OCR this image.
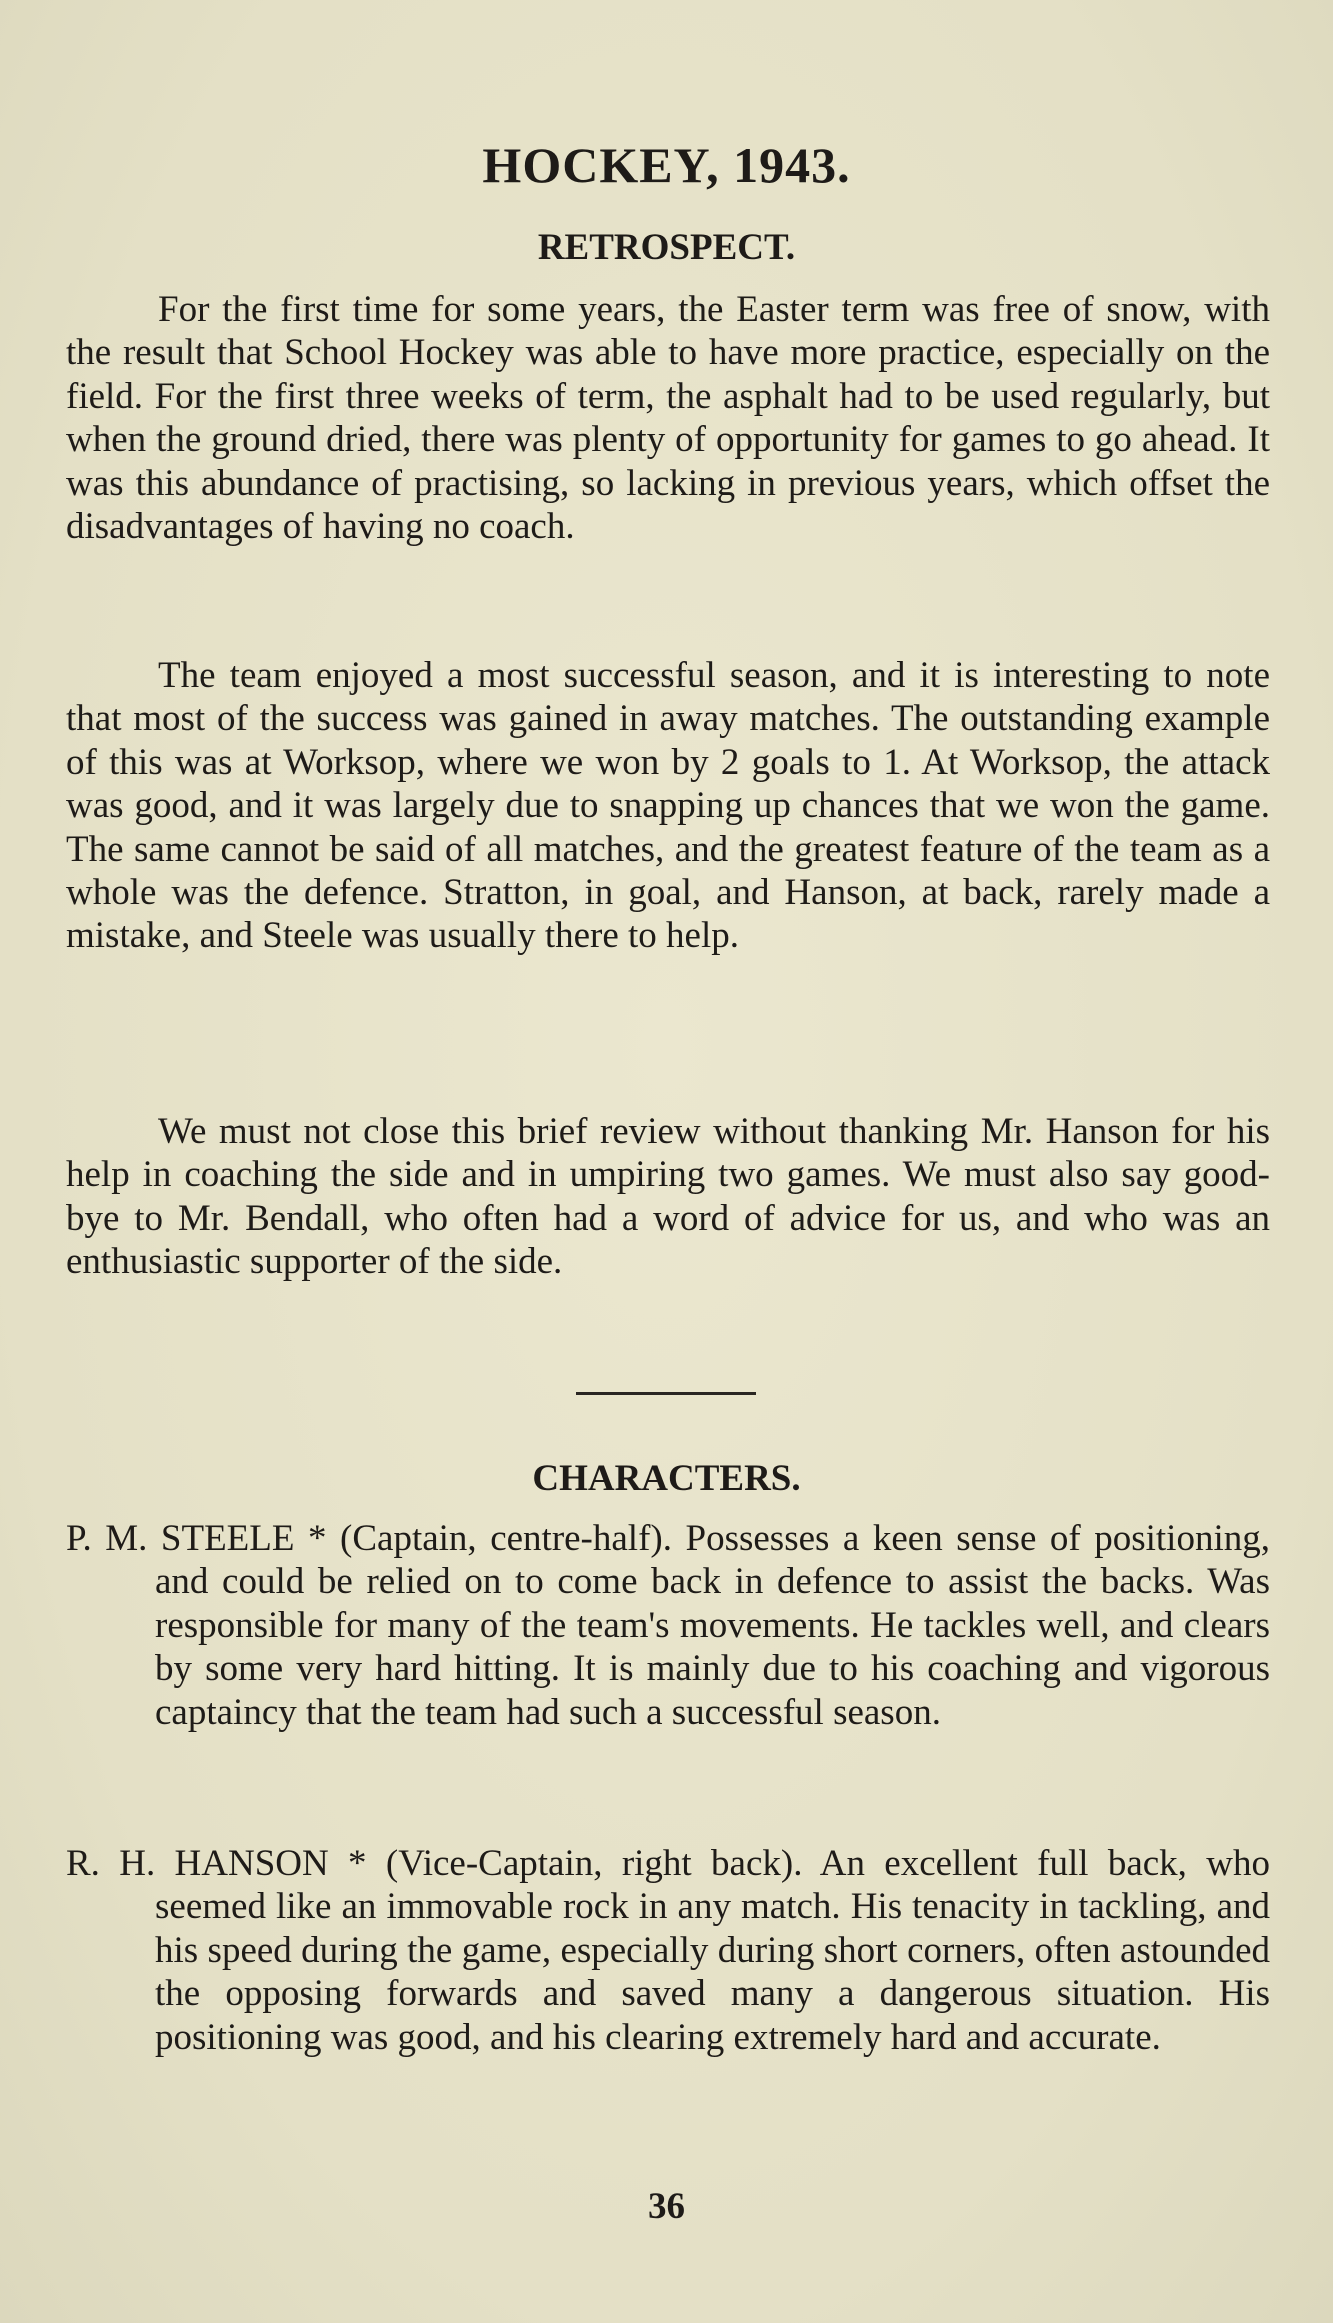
HOCKEY, 1943.
RETROSPECT.

For the first time for some years, the Easter term was free of snow, with the result that School Hockey was able to have more practice, especially on the field. For the first three weeks of term, the asphalt had to be used regularly, but when the ground dried, there was plenty of opportunity for games to go ahead. It was this abundance of practising, so lacking in previous years, which offset the disadvantages of having no coach.

The team enjoyed a most successful season, and it is interesting to note that most of the success was gained in away matches. The outstanding example of this was at Worksop, where we won by 2 goals to 1. At Worksop, the attack was good, and it was largely due to snapping up chances that we won the game. The same cannot be said of all matches, and the greatest feature of the team as a whole was the defence. Stratton, in goal, and Hanson, at back, rarely made a mistake, and Steele was usually there to help.

We must not close this brief review without thanking Mr. Hanson for his help in coaching the side and in umpiring two games. We must also say good-bye to Mr. Bendall, who often had a word of advice for us, and who was an enthusiastic supporter of the side.

CHARACTERS.

P. M. STEELE * (Captain, centre-half). Possesses a keen sense of positioning, and could be relied on to come back in defence to assist the backs. Was responsible for many of the team's movements. He tackles well, and clears by some very hard hitting. It is mainly due to his coaching and vigorous captaincy that the team had such a successful season.

R. H. HANSON * (Vice-Captain, right back). An excellent full back, who seemed like an immovable rock in any match. His tenacity in tackling, and his speed during the game, especially during short corners, often astounded the opposing forwards and saved many a dangerous situation. His positioning was good, and his clearing extremely hard and accurate.

36
